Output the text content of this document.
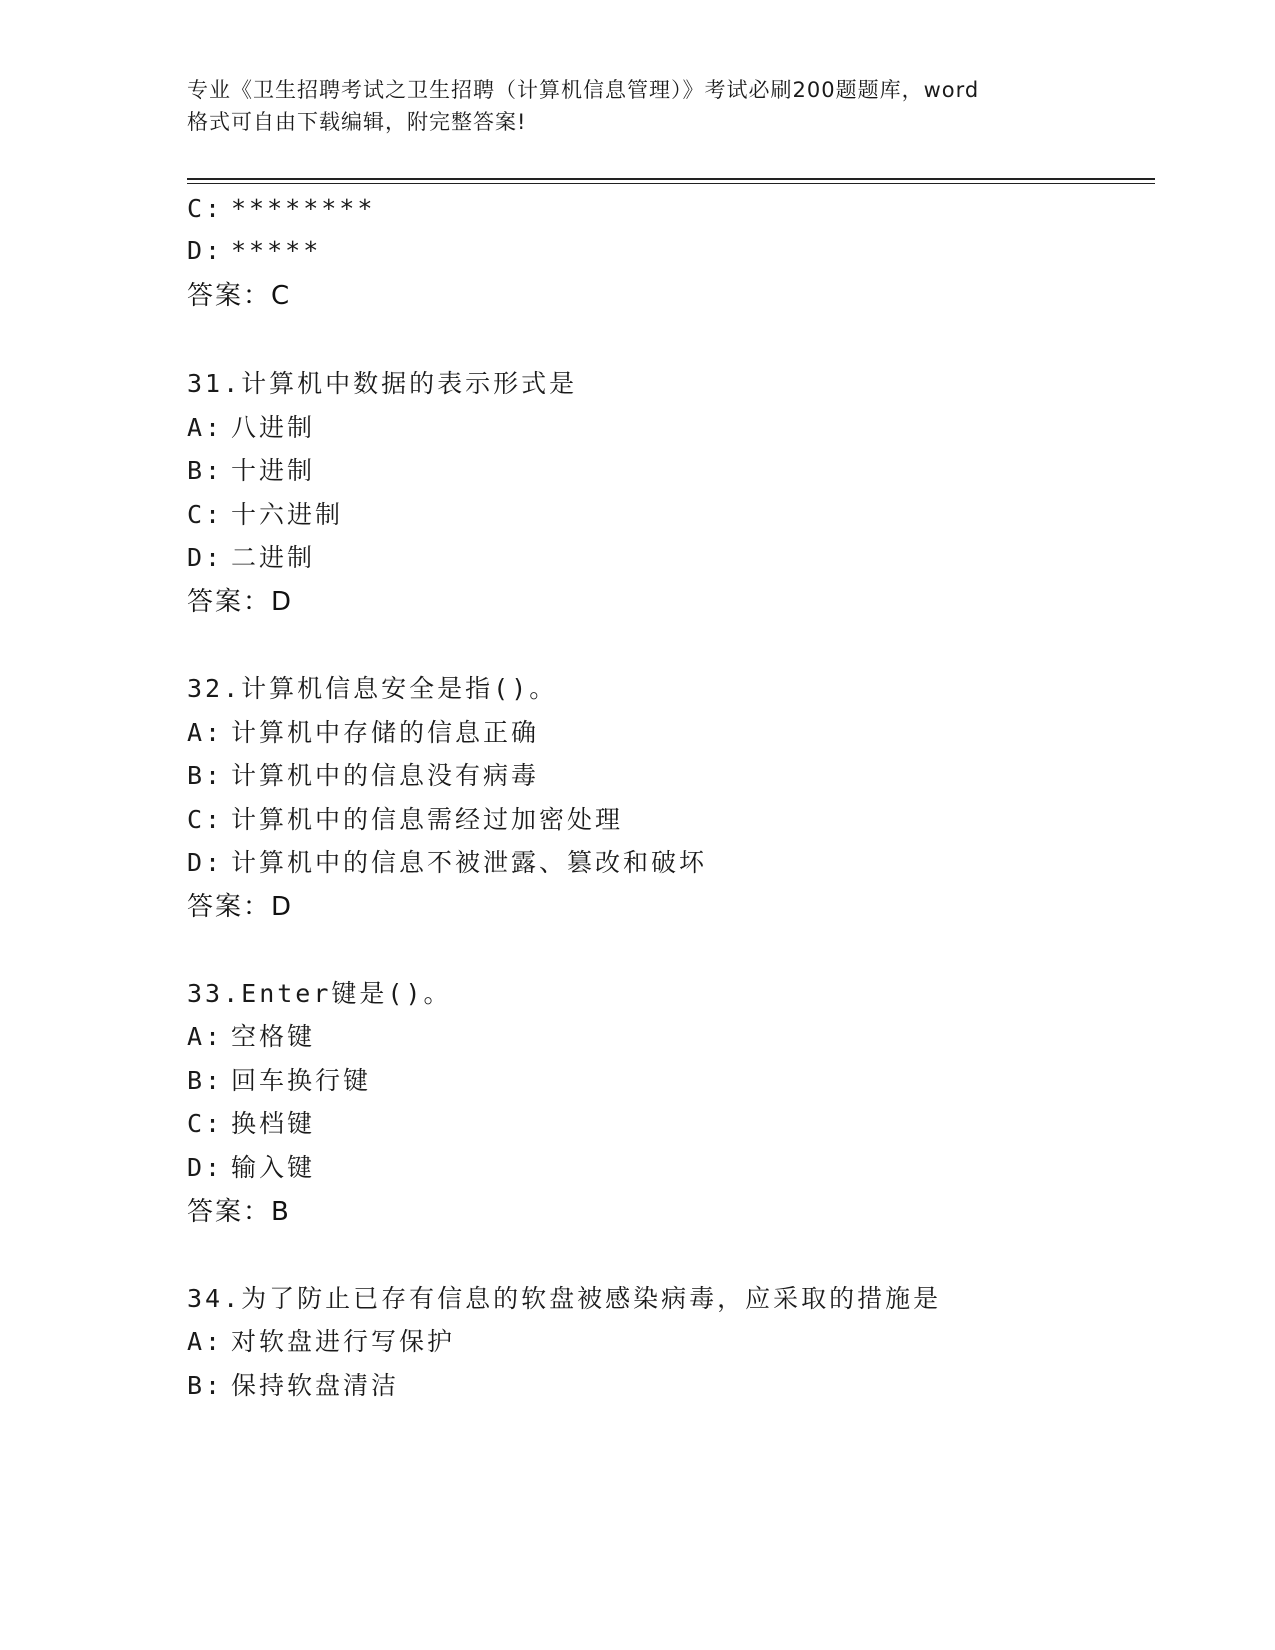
专业《卫生招聘考试之卫生招聘（计算机信息管理）》考试必刷200题题库，word
格式可自由下载编辑，附完整答案!
C: ********
D: *****
答案：C
31.计算机中数据的表示形式是
A: 八进制
B: 十进制
C: 十六进制
D: 二进制
答案：D
32.计算机信息安全是指()。
A: 计算机中存储的信息正确
B: 计算机中的信息没有病毒
C: 计算机中的信息需经过加密处理
D: 计算机中的信息不被泄露、篡改和破坏
答案：D
33.Enter键是()。
A: 空格键
B: 回车换行键
C: 换档键
D: 输入键
答案：B
34.为了防止已存有信息的软盘被感染病毒，应采取的措施是
A: 对软盘进行写保护
B: 保持软盘清洁
